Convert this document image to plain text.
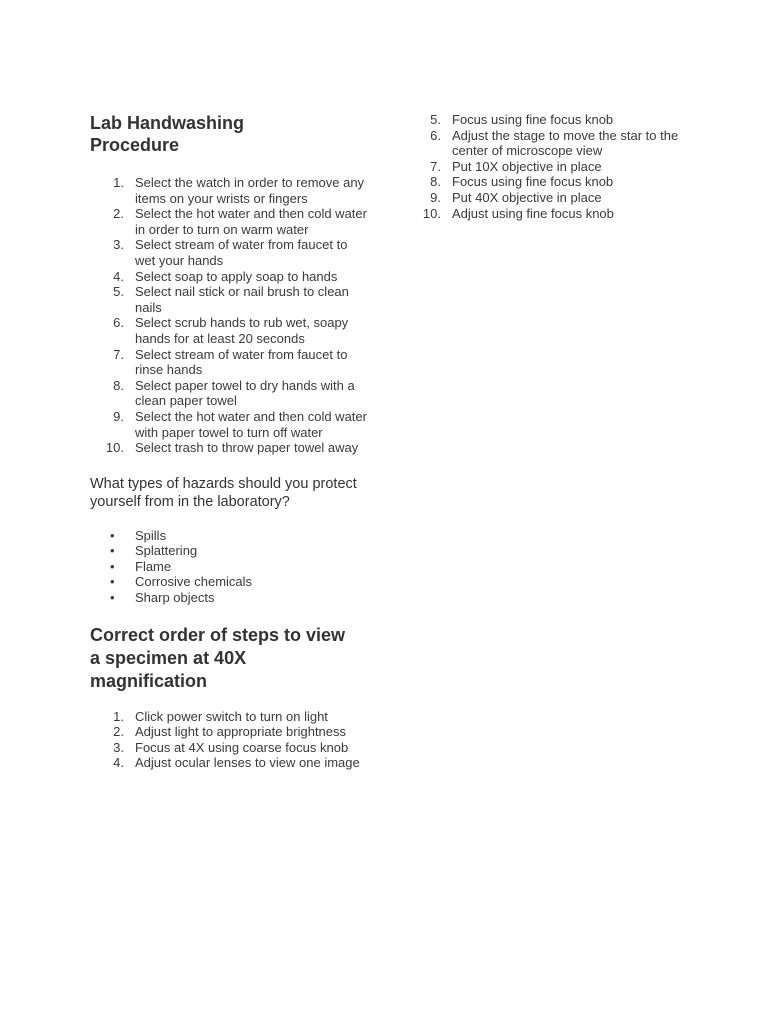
Lab Handwashing Procedure
1. Select the watch in order to remove any items on your wrists or fingers
2. Select the hot water and then cold water in order to turn on warm water
3. Select stream of water from faucet to wet your hands
4. Select soap to apply soap to hands
5. Select nail stick or nail brush to clean nails
6. Select scrub hands to rub wet, soapy hands for at least 20 seconds
7. Select stream of water from faucet to rinse hands
8. Select paper towel to dry hands with a clean paper towel
9. Select the hot water and then cold water with paper towel to turn off water
10. Select trash to throw paper towel away

What types of hazards should you protect yourself from in the laboratory?

• Spills
• Splattering
• Flame
• Corrosive chemicals
• Sharp objects
Correct order of steps to view a specimen at 40X magnification
1. Click power switch to turn on light
2. Adjust light to appropriate brightness
3. Focus at 4X using coarse focus knob
4. Adjust ocular lenses to view one image
5. Focus using fine focus knob
6. Adjust the stage to move the star to the center of microscope view
7. Put 10X objective in place
8. Focus using fine focus knob
9. Put 40X objective in place
10. Adjust using fine focus knob
